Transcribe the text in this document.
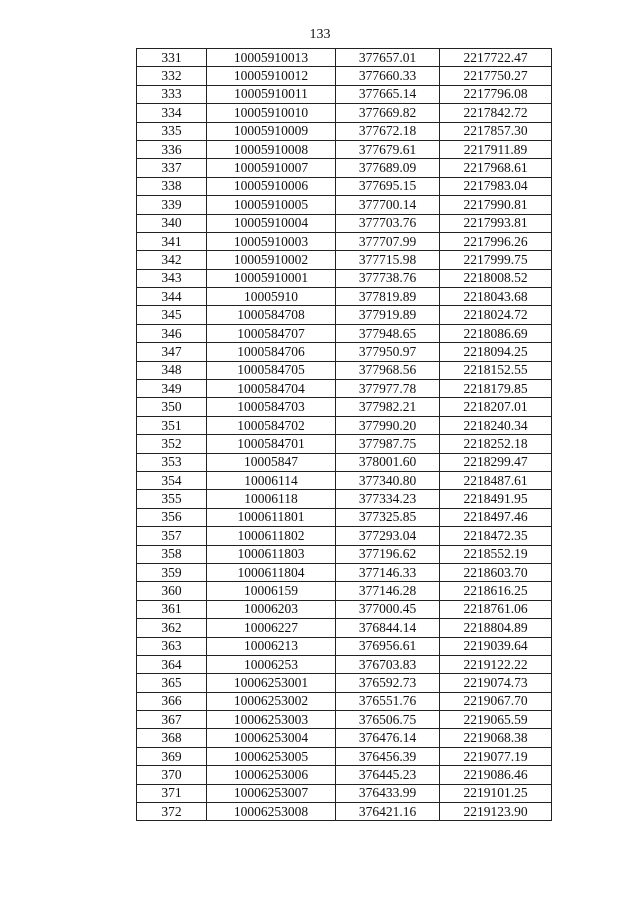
133
331	10005910013	377657.01	2217722.47
332	10005910012	377660.33	2217750.27
333	10005910011	377665.14	2217796.08
334	10005910010	377669.82	2217842.72
335	10005910009	377672.18	2217857.30
336	10005910008	377679.61	2217911.89
337	10005910007	377689.09	2217968.61
338	10005910006	377695.15	2217983.04
339	10005910005	377700.14	2217990.81
340	10005910004	377703.76	2217993.81
341	10005910003	377707.99	2217996.26
342	10005910002	377715.98	2217999.75
343	10005910001	377738.76	2218008.52
344	10005910	377819.89	2218043.68
345	1000584708	377919.89	2218024.72
346	1000584707	377948.65	2218086.69
347	1000584706	377950.97	2218094.25
348	1000584705	377968.56	2218152.55
349	1000584704	377977.78	2218179.85
350	1000584703	377982.21	2218207.01
351	1000584702	377990.20	2218240.34
352	1000584701	377987.75	2218252.18
353	10005847	378001.60	2218299.47
354	10006114	377340.80	2218487.61
355	10006118	377334.23	2218491.95
356	1000611801	377325.85	2218497.46
357	1000611802	377293.04	2218472.35
358	1000611803	377196.62	2218552.19
359	1000611804	377146.33	2218603.70
360	10006159	377146.28	2218616.25
361	10006203	377000.45	2218761.06
362	10006227	376844.14	2218804.89
363	10006213	376956.61	2219039.64
364	10006253	376703.83	2219122.22
365	10006253001	376592.73	2219074.73
366	10006253002	376551.76	2219067.70
367	10006253003	376506.75	2219065.59
368	10006253004	376476.14	2219068.38
369	10006253005	376456.39	2219077.19
370	10006253006	376445.23	2219086.46
371	10006253007	376433.99	2219101.25
372	10006253008	376421.16	2219123.90
